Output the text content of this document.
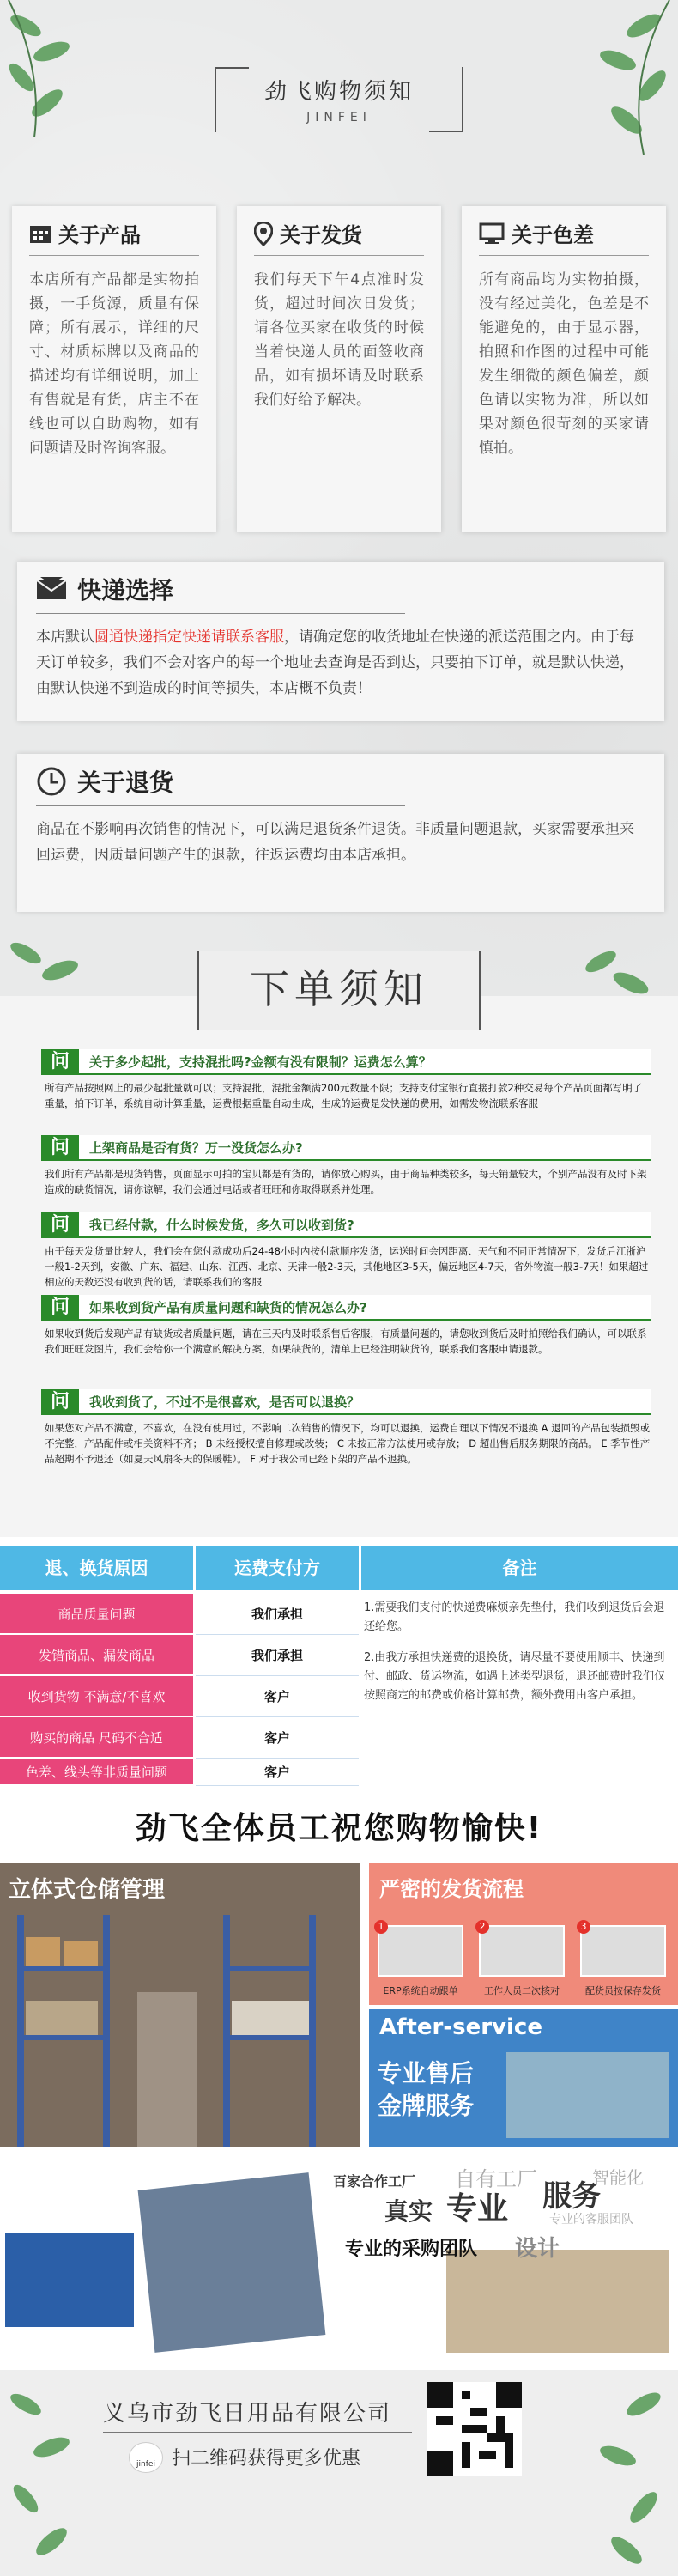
劲飞购物须知
JINFEI
关于产品
本店所有产品都是实物拍摄，一手货源，质量有保障；所有展示，详细的尺寸、材质标牌以及商品的描述均有详细说明，加上有售就是有货，店主不在线也可以自助购物，如有问题请及时咨询客服。
关于发货
我们每天下午4点准时发货，超过时间次日发货；请各位买家在收货的时候当着快递人员的面签收商品，如有损坏请及时联系我们好给予解决。
关于色差
所有商品均为实物拍摄，没有经过美化，色差是不能避免的，由于显示器，拍照和作图的过程中可能发生细微的颜色偏差，颜色请以实物为准，所以如果对颜色很苛刻的买家请慎拍。
快递选择
本店默认圆通快递指定快递请联系客服，请确定您的收货地址在快递的派送范围之内。由于每天订单较多，我们不会对客户的每一个地址去查询是否到达，只要拍下订单，就是默认快递，由默认快递不到造成的时间等损失，本店概不负责！
关于退货
商品在不影响再次销售的情况下，可以满足退货条件退货。非质量问题退款，买家需要承担来回运费，因质量问题产生的退款，往返运费均由本店承担。
下单须知
问	关于多少起批，支持混批吗?金额有没有限制？运费怎么算？
所有产品按照网上的最少起批量就可以；支持混批，混批金额满200元数量不限；支持支付宝银行直接打款2种交易每个产品页面都写明了重量，拍下订单，系统自动计算重量，运费根据重量自动生成，生成的运费是发快递的费用，如需发物流联系客服
问	上架商品是否有货？万一没货怎么办?
我们所有产品都是现货销售，页面显示可拍的宝贝都是有货的，请你放心购买，由于商品种类较多，每天销量较大，个别产品没有及时下架造成的缺货情况，请你谅解，我们会通过电话或者旺旺和你取得联系并处理。
问	我已经付款，什么时候发货，多久可以收到货?
由于每天发货量比较大，我们会在您付款成功后24-48小时内按付款顺序发货，运送时间会因距离、天气和不同正常情况下，发货后江浙沪一般1-2天到，安徽、广东、福建、山东、江西、北京、天津一般2-3天，其他地区3-5天，偏远地区4-7天，省外物流一般3-7天！如果超过相应的天数还没有收到货的话，请联系我们的客服
问	如果收到货产品有质量问题和缺货的情况怎么办?
如果收到货后发现产品有缺货或者质量问题，请在三天内及时联系售后客服，有质量问题的，请您收到货后及时拍照给我们确认，可以联系我们旺旺发图片，我们会给你一个满意的解决方案，如果缺货的，清单上已经注明缺货的，联系我们客服申请退款。
问	我收到货了，不过不是很喜欢，是否可以退换？
如果您对产品不满意，不喜欢，在没有使用过，不影响二次销售的情况下，均可以退换，运费自理以下情况不退换 A 退回的产品包装损毁或不完整，产品配件或相关资料不齐； B 未经授权擅自修理或改装； C 未按正常方法使用或存放； D 超出售后服务期限的商品。 E 季节性产品超期不予退还（如夏天风扇冬天的保暖鞋）。 F 对于我公司已经下架的产品不退换。
退、换货原因	运费支付方	备注
商品质量问题	我们承担
发错商品、漏发商品	我们承担
收到货物 不满意/不喜欢	客户
购买的商品 尺码不合适	客户
色差、线头等非质量问题	客户

1.需要我们支付的快递费麻烦亲先垫付，我们收到退货后会退还给您。

2.由我方承担快递费的退换货，请尽量不要使用顺丰、快递到付、邮政、货运物流，如遇上述类型退货，退还邮费时我们仅按照商定的邮费或价格计算邮费，额外费用由客户承担。

劲飞全体员工祝您购物愉快!
立体式仓储管理	严密的发货流程
1	2	3
ERP系统自动跟单	工作人员二次核对	配货员按保存发货
After-service
专业售后
金牌服务
百家合作工厂
真实 专业 服务
自有工厂	智能化
专业的客服团队
专业的采购团队 设计
义乌市劲飞日用品有限公司
jinfei 扫二维码获得更多优惠
